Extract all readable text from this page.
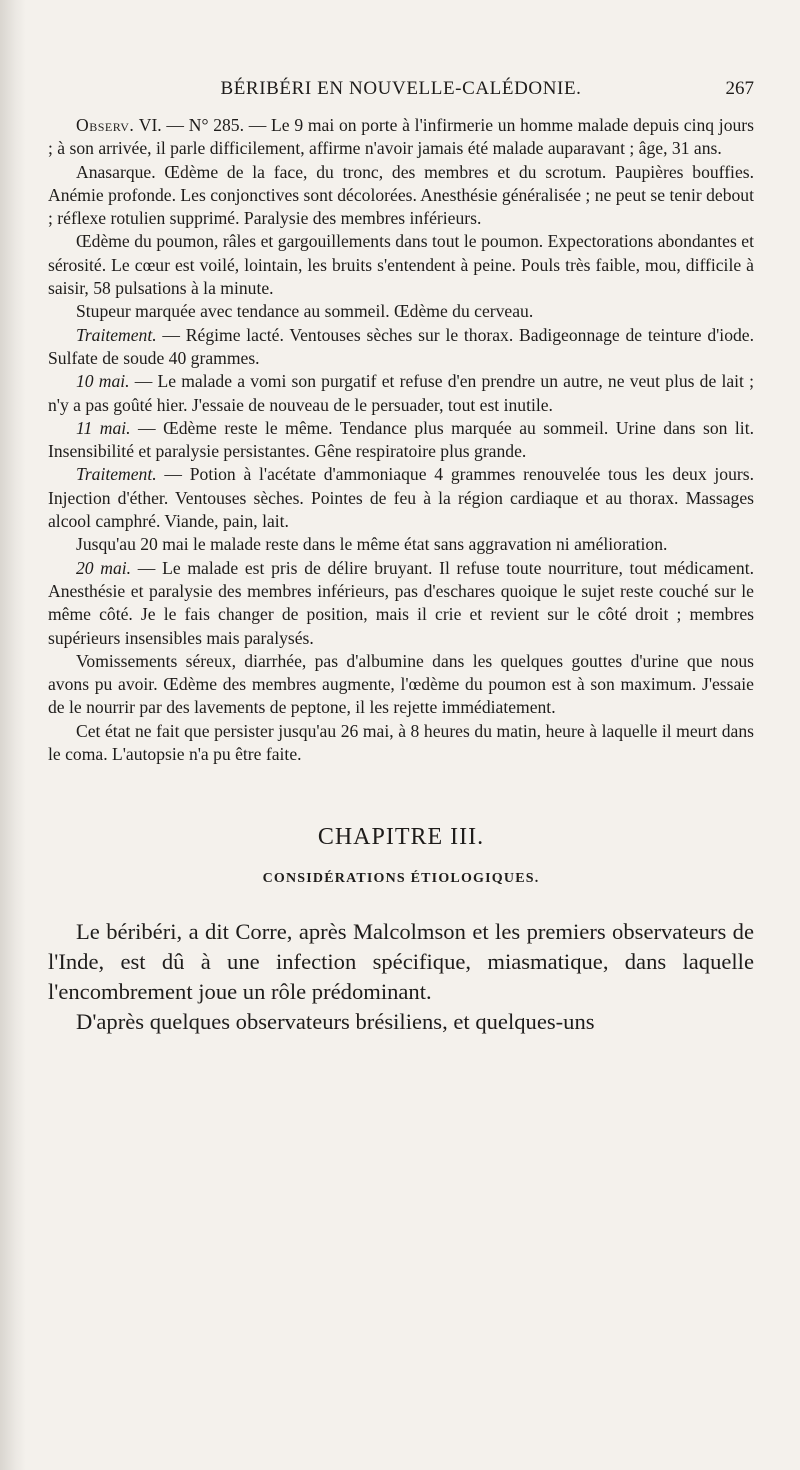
BÉRIBÉRI EN NOUVELLE-CALÉDONIE.	267

Observ. VI. — N° 285. — Le 9 mai on porte à l'infirmerie un homme malade depuis cinq jours ; à son arrivée, il parle difficilement, affirme n'avoir jamais été malade auparavant ; âge, 31 ans.

Anasarque. Œdème de la face, du tronc, des membres et du scrotum. Paupières bouffies. Anémie profonde. Les conjonctives sont décolorées. Anesthésie généralisée ; ne peut se tenir debout ; réflexe rotulien supprimé. Paralysie des membres inférieurs.

Œdème du poumon, râles et gargouillements dans tout le poumon. Expectorations abondantes et sérosité. Le cœur est voilé, lointain, les bruits s'entendent à peine. Pouls très faible, mou, difficile à saisir, 58 pulsations à la minute.

Stupeur marquée avec tendance au sommeil. Œdème du cerveau.

Traitement. — Régime lacté. Ventouses sèches sur le thorax. Badigeonnage de teinture d'iode. Sulfate de soude 40 grammes.

10 mai. — Le malade a vomi son purgatif et refuse d'en prendre un autre, ne veut plus de lait ; n'y a pas goûté hier. J'essaie de nouveau de le persuader, tout est inutile.

11 mai. — Œdème reste le même. Tendance plus marquée au sommeil. Urine dans son lit. Insensibilité et paralysie persistantes. Gêne respiratoire plus grande.

Traitement. — Potion à l'acétate d'ammoniaque 4 grammes renouvelée tous les deux jours. Injection d'éther. Ventouses sèches. Pointes de feu à la région cardiaque et au thorax. Massages alcool camphré. Viande, pain, lait.

Jusqu'au 20 mai le malade reste dans le même état sans aggravation ni amélioration.

20 mai. — Le malade est pris de délire bruyant. Il refuse toute nourriture, tout médicament. Anesthésie et paralysie des membres inférieurs, pas d'eschares quoique le sujet reste couché sur le même côté. Je le fais changer de position, mais il crie et revient sur le côté droit ; membres supérieurs insensibles mais paralysés.

Vomissements séreux, diarrhée, pas d'albumine dans les quelques gouttes d'urine que nous avons pu avoir. Œdème des membres augmente, l'œdème du poumon est à son maximum. J'essaie de le nourrir par des lavements de peptone, il les rejette immédiatement.

Cet état ne fait que persister jusqu'au 26 mai, à 8 heures du matin, heure à laquelle il meurt dans le coma. L'autopsie n'a pu être faite.

CHAPITRE III.
CONSIDÉRATIONS ÉTIOLOGIQUES.

Le béribéri, a dit Corre, après Malcolmson et les premiers observateurs de l'Inde, est dû à une infection spécifique, miasmatique, dans laquelle l'encombrement joue un rôle prédominant.

D'après quelques observateurs brésiliens, et quelques-uns
